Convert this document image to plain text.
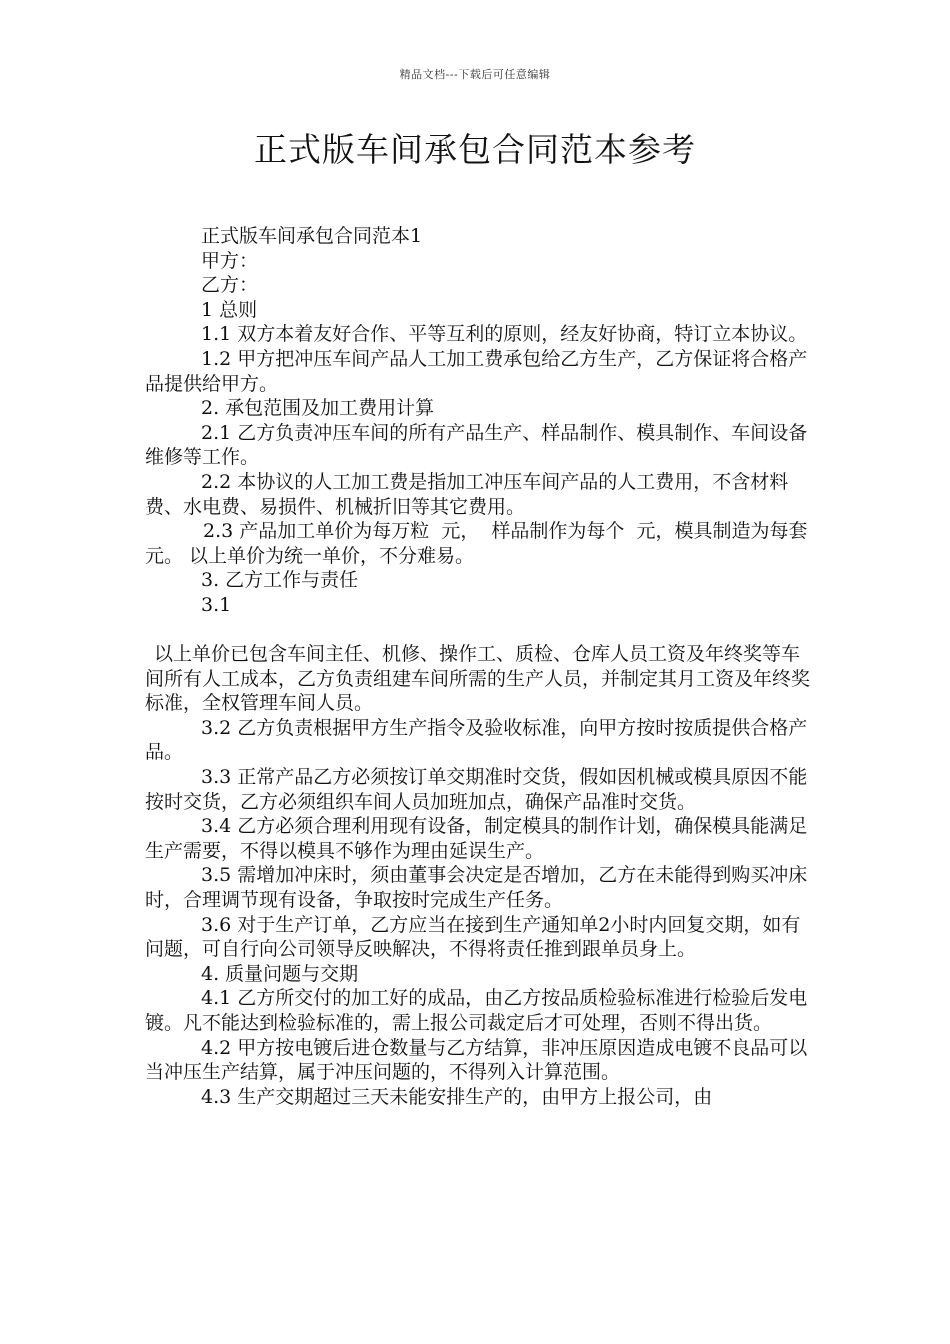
精品文档---下载后可任意编辑
正式版车间承包合同范本参考

正式版车间承包合同范本1

甲方：

乙方：

1 总则

1.1 双方本着友好合作、平等互利的原则，经友好协商，特订立本协议。

1.2 甲方把冲压车间产品人工加工费承包给乙方生产，乙方保证将合格产品提供给甲方。

2. 承包范围及加工费用计算

2.1 乙方负责冲压车间的所有产品生产、样品制作、模具制作、车间设备维修等工作。

2.2 本协议的人工加工费是指加工冲压车间产品的人工费用，不含材料费、水电费、易损件、机械折旧等其它费用。

2.3 产品加工单价为每万粒  元，  样品制作为每个  元，模具制造为每套  元。 以上单价为统一单价，不分难易。

3. 乙方工作与责任

3.1

以上单价已包含车间主任、机修、操作工、质检、仓库人员工资及年终奖等车间所有人工成本，乙方负责组建车间所需的生产人员，并制定其月工资及年终奖标准，全权管理车间人员。

3.2 乙方负责根据甲方生产指令及验收标准，向甲方按时按质提供合格产品。

3.3 正常产品乙方必须按订单交期准时交货，假如因机械或模具原因不能按时交货，乙方必须组织车间人员加班加点，确保产品准时交货。

3.4 乙方必须合理利用现有设备，制定模具的制作计划，确保模具能满足生产需要，不得以模具不够作为理由延误生产。

3.5 需增加冲床时，须由董事会决定是否增加，乙方在未能得到购买冲床时，合理调节现有设备，争取按时完成生产任务。

3.6 对于生产订单，乙方应当在接到生产通知单2小时内回复交期，如有问题，可自行向公司领导反映解决，不得将责任推到跟单员身上。

4. 质量问题与交期

4.1 乙方所交付的加工好的成品，由乙方按品质检验标准进行检验后发电镀。凡不能达到检验标准的，需上报公司裁定后才可处理，否则不得出货。

4.2 甲方按电镀后进仓数量与乙方结算，非冲压原因造成电镀不良品可以当冲压生产结算，属于冲压问题的，不得列入计算范围。

4.3 生产交期超过三天未能安排生产的，由甲方上报公司，由
